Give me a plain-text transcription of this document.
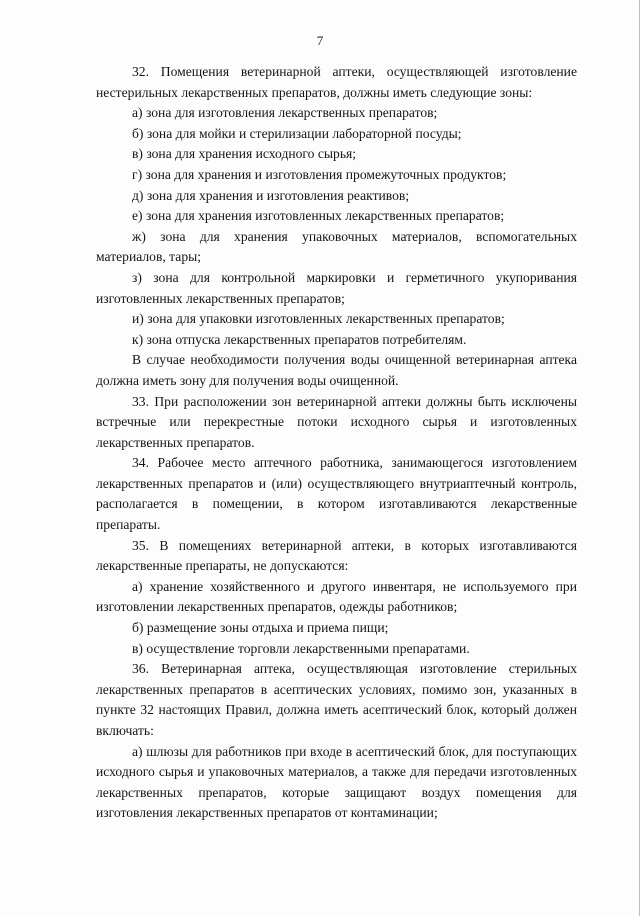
7

32. Помещения ветеринарной аптеки, осуществляющей изготовление нестерильных лекарственных препаратов, должны иметь следующие зоны:

а) зона для изготовления лекарственных препаратов;

б) зона для мойки и стерилизации лабораторной посуды;

в) зона для хранения исходного сырья;

г) зона для хранения и изготовления промежуточных продуктов;

д) зона для хранения и изготовления реактивов;

е) зона для хранения изготовленных лекарственных препаратов;

ж) зона для хранения упаковочных материалов, вспомогательных материалов, тары;

з) зона для контрольной маркировки и герметичного укупоривания изготовленных лекарственных препаратов;

и) зона для упаковки изготовленных лекарственных препаратов;

к) зона отпуска лекарственных препаратов потребителям.

В случае необходимости получения воды очищенной ветеринарная аптека должна иметь зону для получения воды очищенной.

33. При расположении зон ветеринарной аптеки должны быть исключены встречные или перекрестные потоки исходного сырья и изготовленных лекарственных препаратов.

34. Рабочее место аптечного работника, занимающегося изготовлением лекарственных препаратов и (или) осуществляющего внутриаптечный контроль, располагается в помещении, в котором изготавливаются лекарственные препараты.

35. В помещениях ветеринарной аптеки, в которых изготавливаются лекарственные препараты, не допускаются:

а) хранение хозяйственного и другого инвентаря, не используемого при изготовлении лекарственных препаратов, одежды работников;

б) размещение зоны отдыха и приема пищи;

в) осуществление торговли лекарственными препаратами.

36. Ветеринарная аптека, осуществляющая изготовление стерильных лекарственных препаратов в асептических условиях, помимо зон, указанных в пункте 32 настоящих Правил, должна иметь асептический блок, который должен включать:

а) шлюзы для работников при входе в асептический блок, для поступающих исходного сырья и упаковочных материалов, а также для передачи изготовленных лекарственных препаратов, которые защищают воздух помещения для изготовления лекарственных препаратов от контаминации;
